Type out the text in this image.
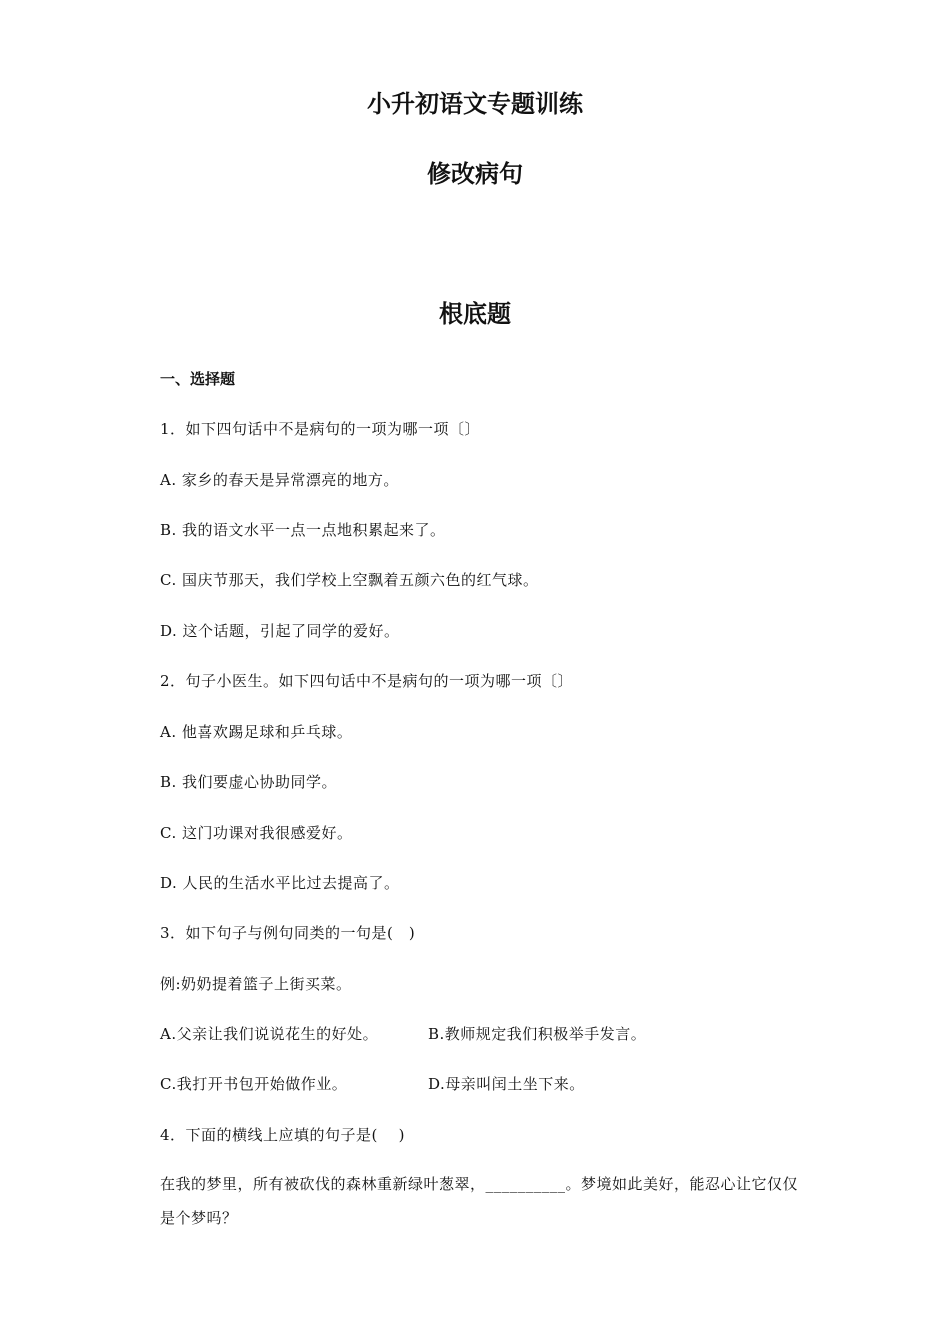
小升初语文专题训练
修改病句
根底题
一、选择题
1．如下四句话中不是病句的一项为哪一项〔〕
A. 家乡的春天是异常漂亮的地方。
B. 我的语文水平一点一点地积累起来了。
C. 国庆节那天，我们学校上空飘着五颜六色的红气球。
D. 这个话题，引起了同学的爱好。
2．句子小医生。如下四句话中不是病句的一项为哪一项〔〕
A. 他喜欢踢足球和乒乓球。
B. 我们要虚心协助同学。
C. 这门功课对我很感爱好。
D. 人民的生活水平比过去提高了。
3．如下句子与例句同类的一句是(　)
例:奶奶提着篮子上街买菜。
A.父亲让我们说说花生的好处。	B.教师规定我们积极举手发言。
C.我打开书包开始做作业。	D.母亲叫闰土坐下来。
4．下面的横线上应填的句子是(　 )
在我的梦里，所有被砍伐的森林重新绿叶葱翠，__________。梦境如此美好，能忍心让它仅仅是个梦吗？
